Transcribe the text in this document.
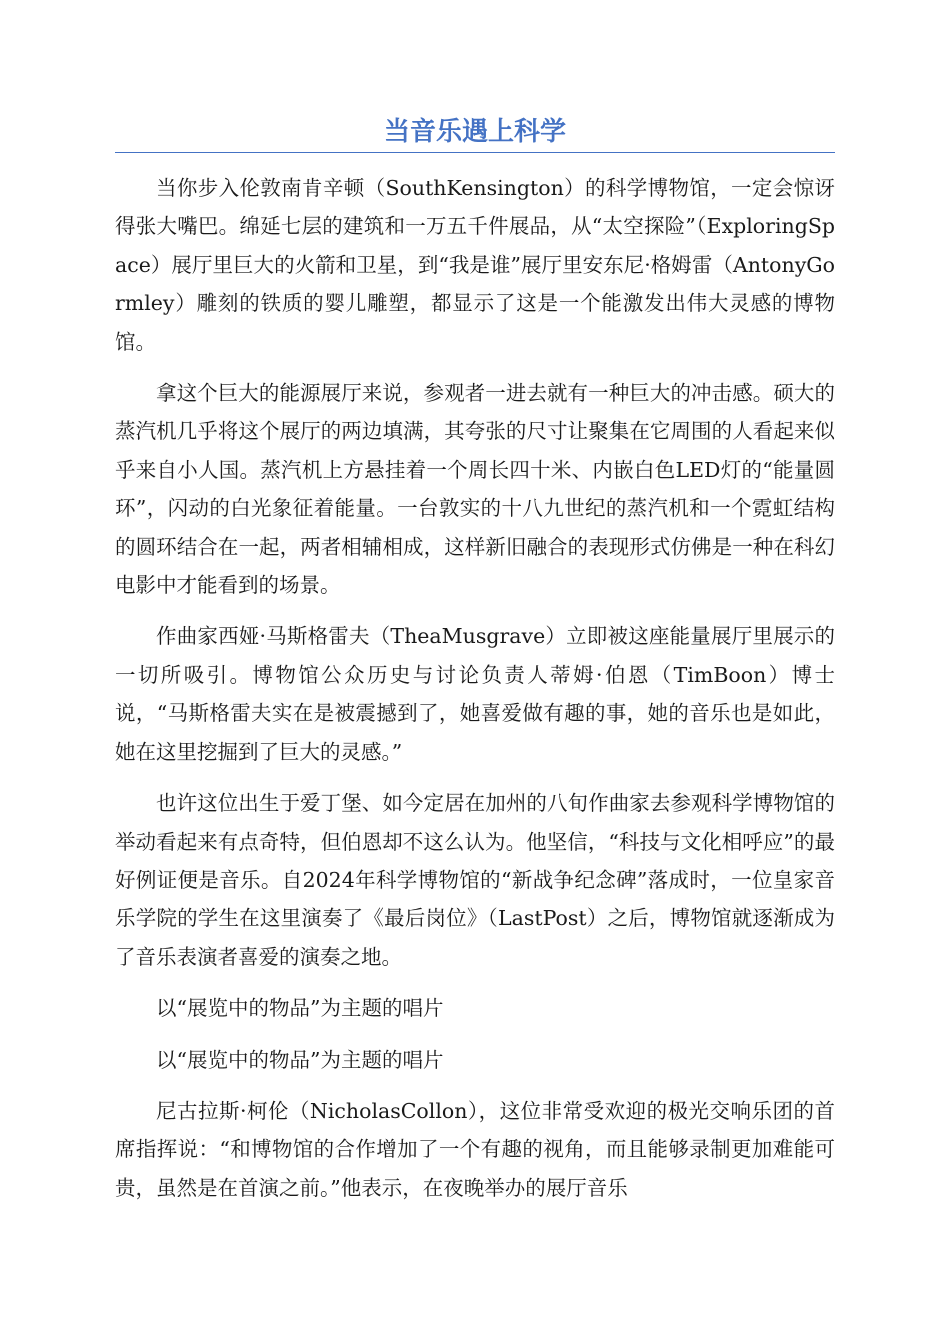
当音乐遇上科学

当你步入伦敦南肯辛顿（SouthKensington）的科学博物馆，一定会惊讶得张大嘴巴。绵延七层的建筑和一万五千件展品，从“太空探险”（ExploringSpace）展厅里巨大的火箭和卫星，到“我是谁”展厅里安东尼·格姆雷（AntonyGormley）雕刻的铁质的婴儿雕塑，都显示了这是一个能激发出伟大灵感的博物馆。

拿这个巨大的能源展厅来说，参观者一进去就有一种巨大的冲击感。硕大的蒸汽机几乎将这个展厅的两边填满，其夸张的尺寸让聚集在它周围的人看起来似乎来自小人国。蒸汽机上方悬挂着一个周长四十米、内嵌白色LED灯的“能量圆环”，闪动的白光象征着能量。一台敦实的十八九世纪的蒸汽机和一个霓虹结构的圆环结合在一起，两者相辅相成，这样新旧融合的表现形式仿佛是一种在科幻电影中才能看到的场景。

作曲家西娅·马斯格雷夫（TheaMusgrave）立即被这座能量展厅里展示的一切所吸引。博物馆公众历史与讨论负责人蒂姆·伯恩（TimBoon）博士说，“马斯格雷夫实在是被震撼到了，她喜爱做有趣的事，她的音乐也是如此，她在这里挖掘到了巨大的灵感。”

也许这位出生于爱丁堡、如今定居在加州的八旬作曲家去参观科学博物馆的举动看起来有点奇特，但伯恩却不这么认为。他坚信，“科技与文化相呼应”的最好例证便是音乐。自2024年科学博物馆的“新战争纪念碑”落成时，一位皇家音乐学院的学生在这里演奏了《最后岗位》（LastPost）之后，博物馆就逐渐成为了音乐表演者喜爱的演奏之地。

以“展览中的物品”为主题的唱片

以“展览中的物品”为主题的唱片

尼古拉斯·柯伦（NicholasCollon），这位非常受欢迎的极光交响乐团的首席指挥说：“和博物馆的合作增加了一个有趣的视角，而且能够录制更加难能可贵，虽然是在首演之前。”他表示，在夜晚举办的展厅音乐
